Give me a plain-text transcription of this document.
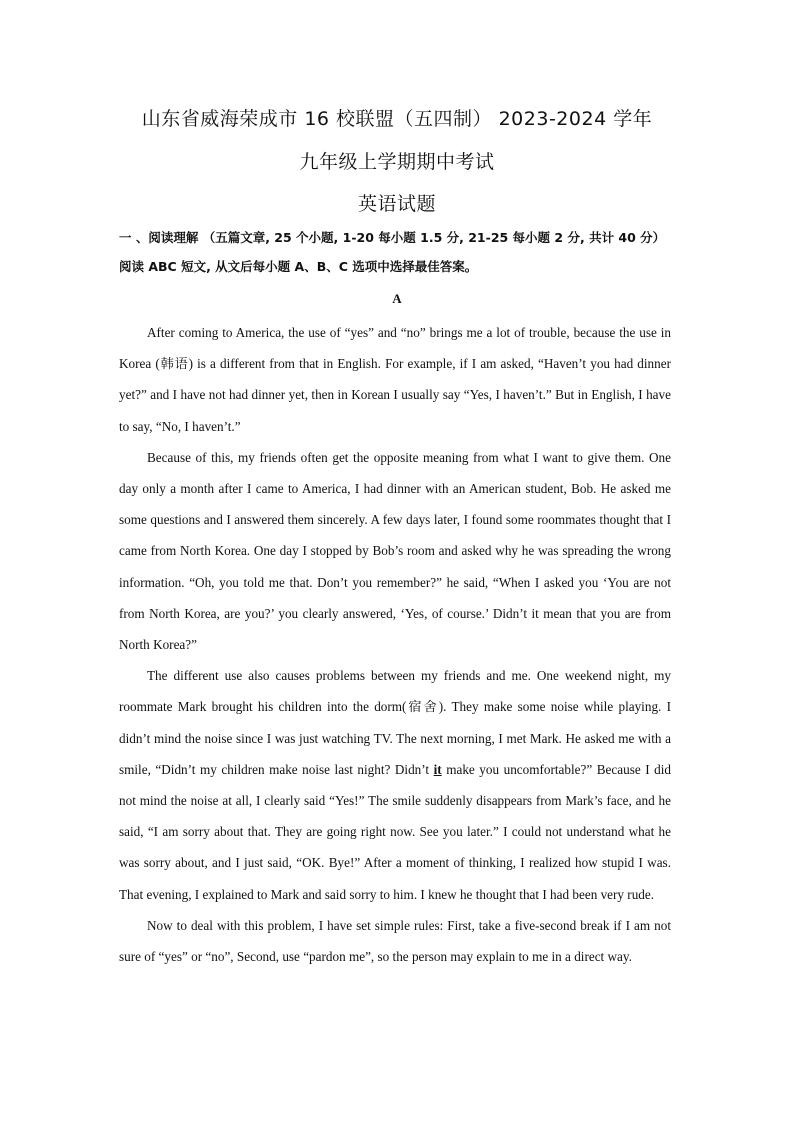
山东省威海荣成市 16 校联盟（五四制） 2023-2024 学年
九年级上学期期中考试
英语试题
一 、阅读理解 （五篇文章, 25 个小题, 1-20 每小题 1.5 分, 21-25 每小题 2 分, 共计 40 分）
阅读 ABC 短文, 从文后每小题 A、B、C 选项中选择最佳答案。
A

After coming to America, the use of “yes” and “no” brings me a lot of trouble, because the use in Korea (韩语) is a different from that in English. For example, if I am asked, “Haven’t you had dinner yet?” and I have not had dinner yet, then in Korean I usually say “Yes, I haven’t.” But in English, I have to say, “No, I haven’t.”

Because of this, my friends often get the opposite meaning from what I want to give them. One day only a month after I came to America, I had dinner with an American student, Bob. He asked me some questions and I answered them sincerely. A few days later, I found some roommates thought that I came from North Korea. One day I stopped by Bob’s room and asked why he was spreading the wrong information. “Oh, you told me that. Don’t you remember?” he said, “When I asked you ‘You are not from North Korea, are you?’ you clearly answered, ‘Yes, of course.’ Didn’t it mean that you are from North Korea?”

The different use also causes problems between my friends and me. One weekend night, my roommate Mark brought his children into the dorm(宿舍). They make some noise while playing. I didn’t mind the noise since I was just watching TV. The next morning, I met Mark. He asked me with a smile, “Didn’t my children make noise last night? Didn’t it make you uncomfortable?” Because I did not mind the noise at all, I clearly said “Yes!” The smile suddenly disappears from Mark’s face, and he said, “I am sorry about that. They are going right now. See you later.” I could not understand what he was sorry about, and I just said, “OK. Bye!” After a moment of thinking, I realized how stupid I was. That evening, I explained to Mark and said sorry to him. I knew he thought that I had been very rude.

Now to deal with this problem, I have set simple rules: First, take a five-second break if I am not sure of “yes” or “no”, Second, use “pardon me”, so the person may explain to me in a direct way.
